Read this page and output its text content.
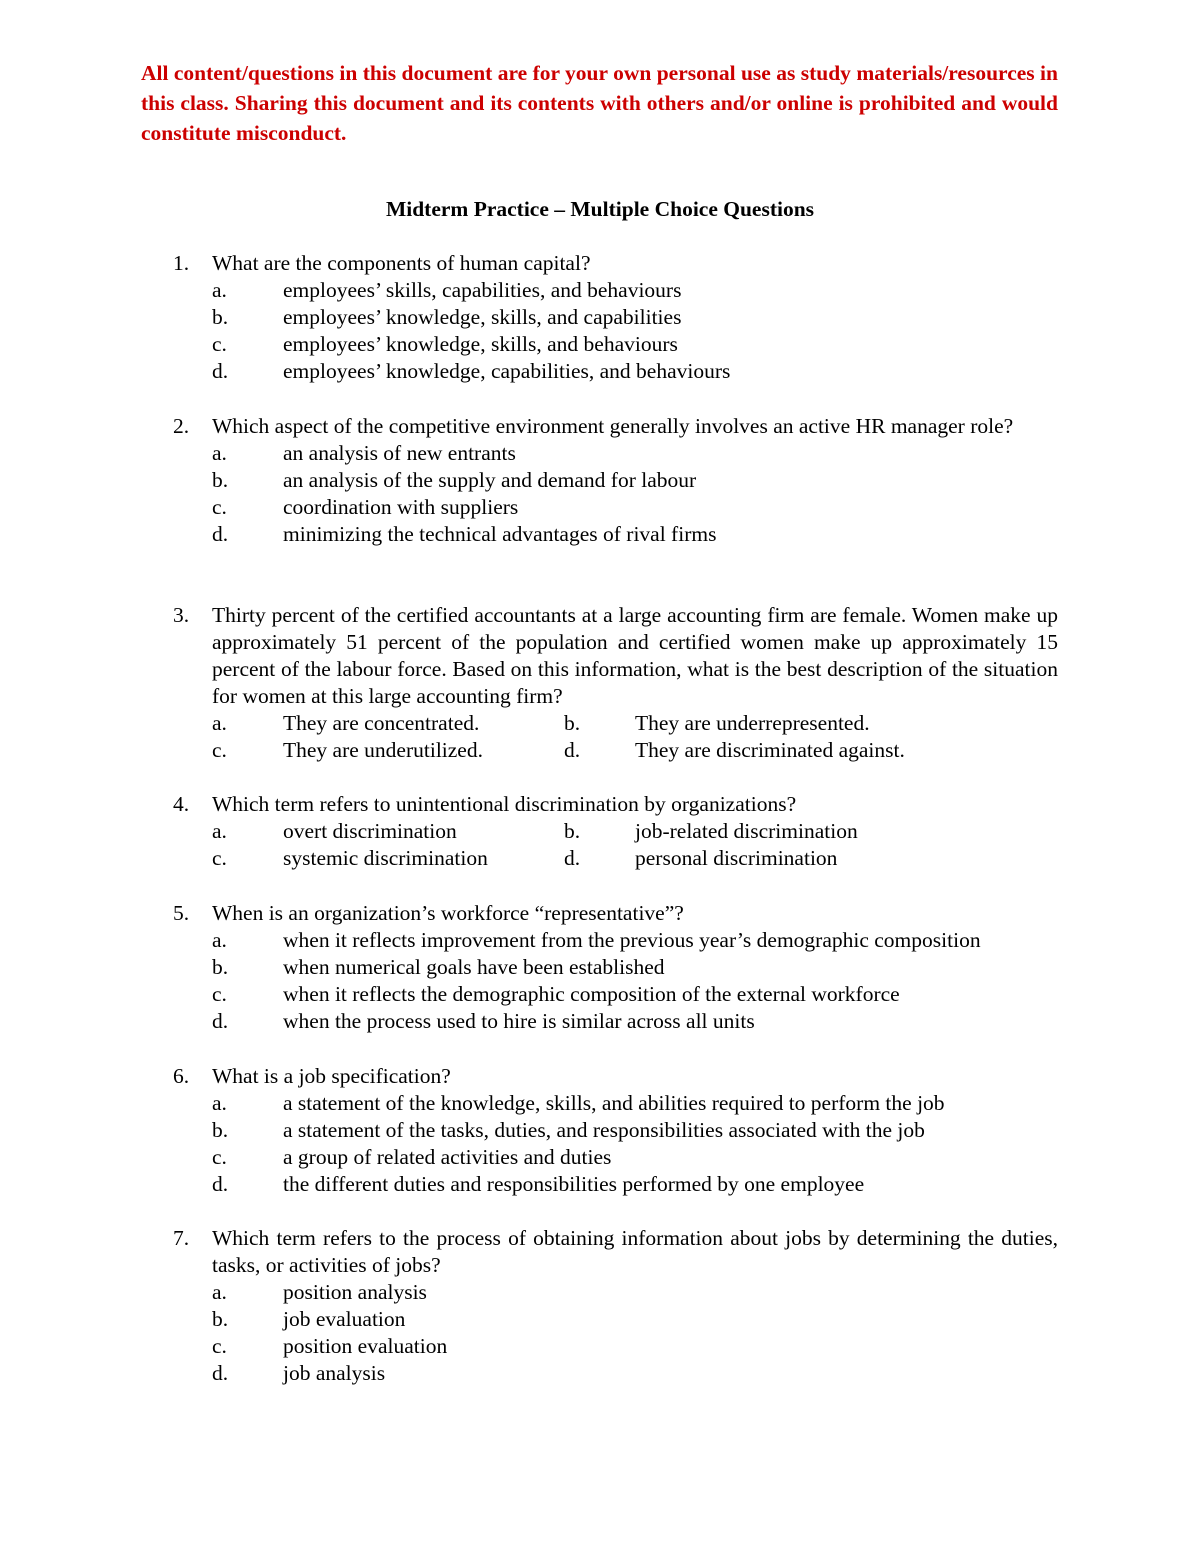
All content/questions in this document are for your own personal use as study materials/resources in this class. Sharing this document and its contents with others and/or online is prohibited and would constitute misconduct.
Midterm Practice – Multiple Choice Questions
1. What are the components of human capital?
a.	employees’ skills, capabilities, and behaviours
b.	employees’ knowledge, skills, and capabilities
c.	employees’ knowledge, skills, and behaviours
d.	employees’ knowledge, capabilities, and behaviours
2. Which aspect of the competitive environment generally involves an active HR manager role?
a.	an analysis of new entrants
b.	an analysis of the supply and demand for labour
c.	coordination with suppliers
d.	minimizing the technical advantages of rival firms
3. Thirty percent of the certified accountants at a large accounting firm are female. Women make up approximately 51 percent of the population and certified women make up approximately 15 percent of the labour force. Based on this information, what is the best description of the situation for women at this large accounting firm?
a.	They are concentrated.	b.	They are underrepresented.
c.	They are underutilized.	d.	They are discriminated against.
4. Which term refers to unintentional discrimination by organizations?
a.	overt discrimination	b.	job-related discrimination
c.	systemic discrimination	d.	personal discrimination
5. When is an organization’s workforce “representative”?
a.	when it reflects improvement from the previous year’s demographic composition
b.	when numerical goals have been established
c.	when it reflects the demographic composition of the external workforce
d.	when the process used to hire is similar across all units
6. What is a job specification?
a.	a statement of the knowledge, skills, and abilities required to perform the job
b.	a statement of the tasks, duties, and responsibilities associated with the job
c.	a group of related activities and duties
d.	the different duties and responsibilities performed by one employee
7. Which term refers to the process of obtaining information about jobs by determining the duties, tasks, or activities of jobs?
a.	position analysis
b.	job evaluation
c.	position evaluation
d.	job analysis
